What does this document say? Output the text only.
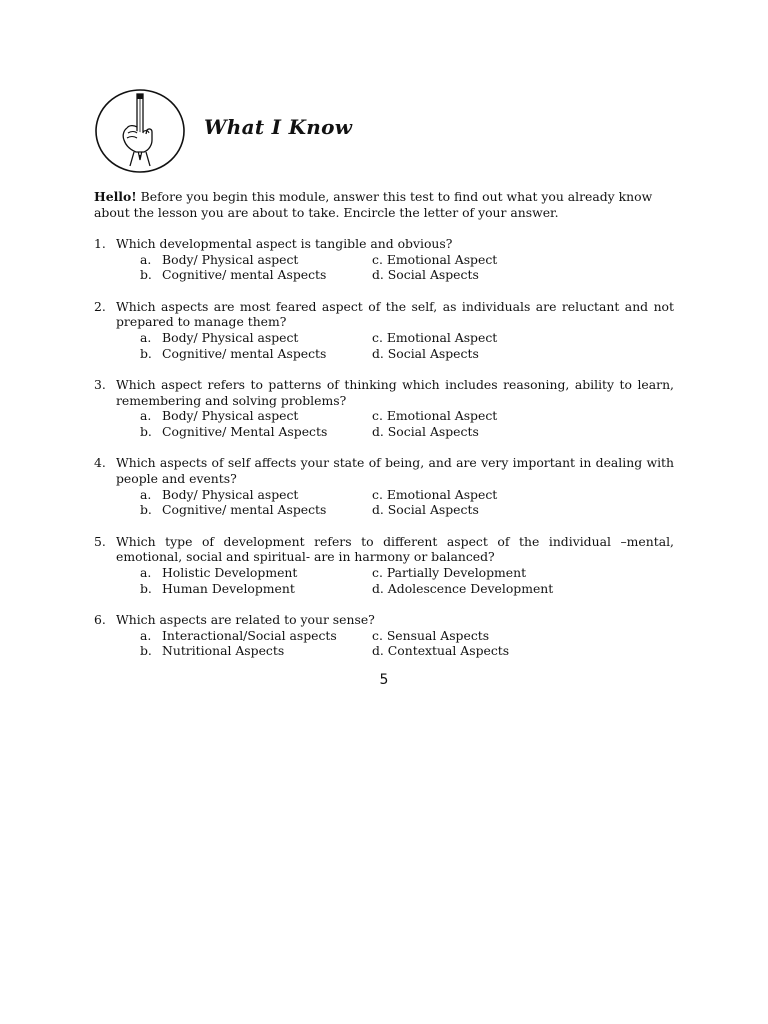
What I Know
Hello! Before you begin this module, answer this test to find out what you already know about the lesson you are about to take. Encircle the letter of your answer.
1. Which developmental aspect is tangible and obvious?
a. Body/ Physical aspect	c. Emotional Aspect
b. Cognitive/ mental Aspects	d. Social Aspects
2. Which aspects are most feared aspect of the self, as individuals are reluctant and not prepared to manage them?
a. Body/ Physical aspect	c. Emotional Aspect
b. Cognitive/ mental Aspects	d. Social Aspects
3. Which aspect refers to patterns of thinking which includes reasoning, ability to learn, remembering and solving problems?
a. Body/ Physical aspect	c. Emotional Aspect
b. Cognitive/ Mental Aspects	d. Social Aspects
4. Which aspects of self affects your state of being, and are very important in dealing with people and events?
a. Body/ Physical aspect	c. Emotional Aspect
b. Cognitive/ mental Aspects	d. Social Aspects
5. Which type of development refers to different aspect of the individual –mental, emotional, social and spiritual- are in harmony or balanced?
a. Holistic Development	c. Partially Development
b. Human Development	d. Adolescence Development
6. Which aspects are related to your sense?
a. Interactional/Social aspects	c. Sensual Aspects
b. Nutritional Aspects	d. Contextual Aspects
5
